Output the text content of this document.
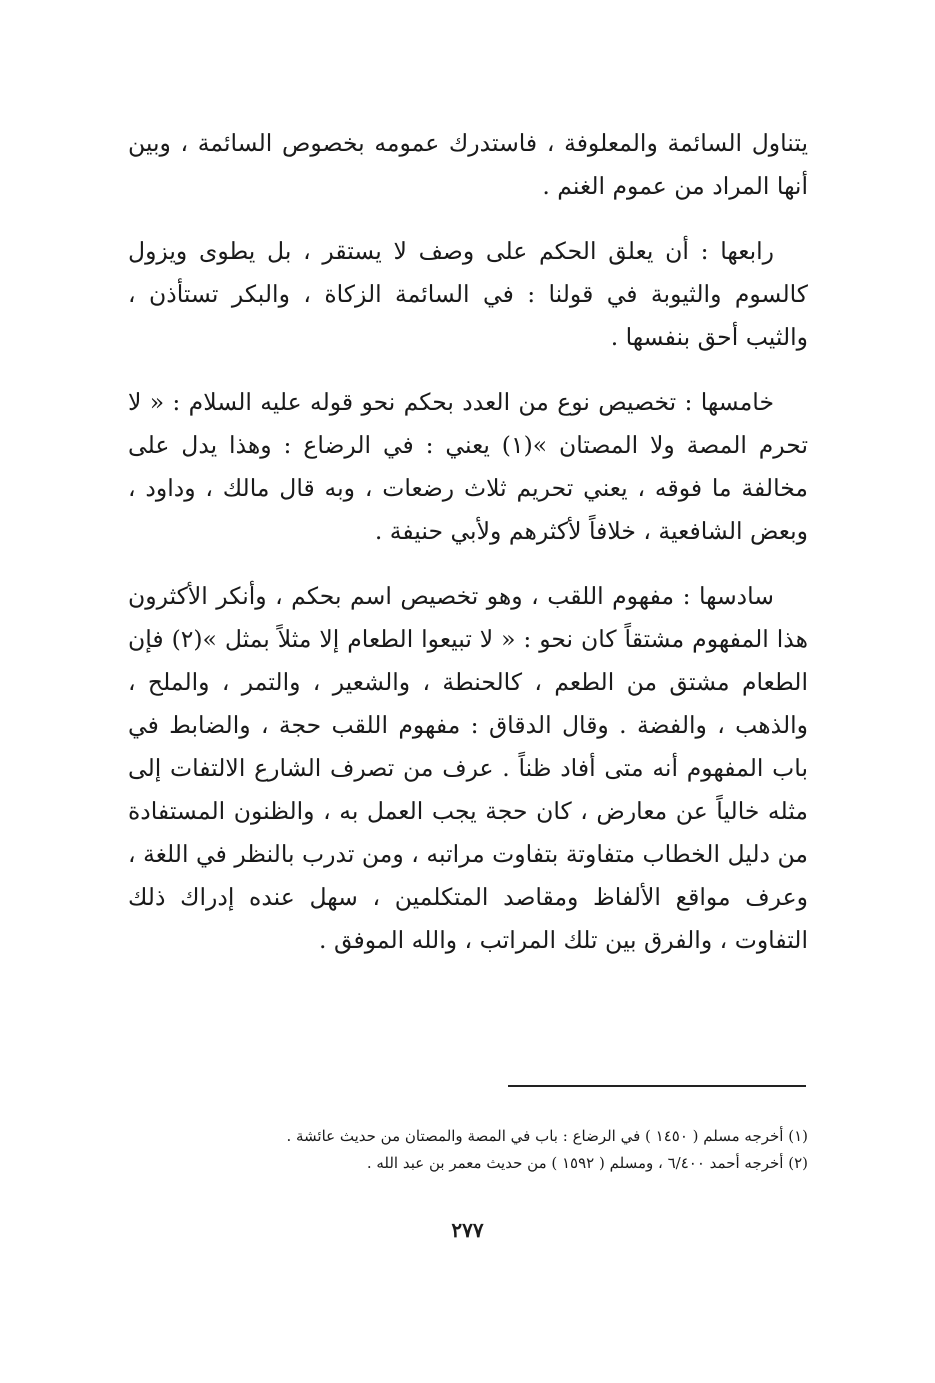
يتناول السائمة والمعلوفة ، فاستدرك عمومه بخصوص السائمة ، وبين أنها المراد من عموم الغنم .

رابعها : أن يعلق الحكم على وصف لا يستقر ، بل يطوى ويزول كالسوم والثيوبة في قولنا : في السائمة الزكاة ، والبكر تستأذن ، والثيب أحق بنفسها .

خامسها : تخصيص نوع من العدد بحكم نحو قوله عليه السلام : « لا تحرم المصة ولا المصتان »(١) يعني : في الرضاع : وهذا يدل على مخالفة ما فوقه ، يعني تحريم ثلاث رضعات ، وبه قال مالك ، وداود ، وبعض الشافعية ، خلافاً لأكثرهم ولأبي حنيفة .

سادسها : مفهوم اللقب ، وهو تخصيص اسم بحكم ، وأنكر الأكثرون هذا المفهوم مشتقاً كان نحو : « لا تبيعوا الطعام إلا مثلاً بمثل »(٢) فإن الطعام مشتق من الطعم ، كالحنطة ، والشعير ، والتمر ، والملح ، والذهب ، والفضة . وقال الدقاق : مفهوم اللقب حجة ، والضابط في باب المفهوم أنه متى أفاد ظناً . عرف من تصرف الشارع الالتفات إلى مثله خالياً عن معارض ، كان حجة يجب العمل به ، والظنون المستفادة من دليل الخطاب متفاوتة بتفاوت مراتبه ، ومن تدرب بالنظر في اللغة ، وعرف مواقع الألفاظ ومقاصد المتكلمين ، سهل عنده إدراك ذلك التفاوت ، والفرق بين تلك المراتب ، والله الموفق .

(١) أخرجه مسلم ( ١٤٥٠ ) في الرضاع : باب في المصة والمصتان من حديث عائشة .

(٢) أخرجه أحمد ٦/٤٠٠ ، ومسلم ( ١٥٩٢ ) من حديث معمر بن عبد الله .

٢٧٧
